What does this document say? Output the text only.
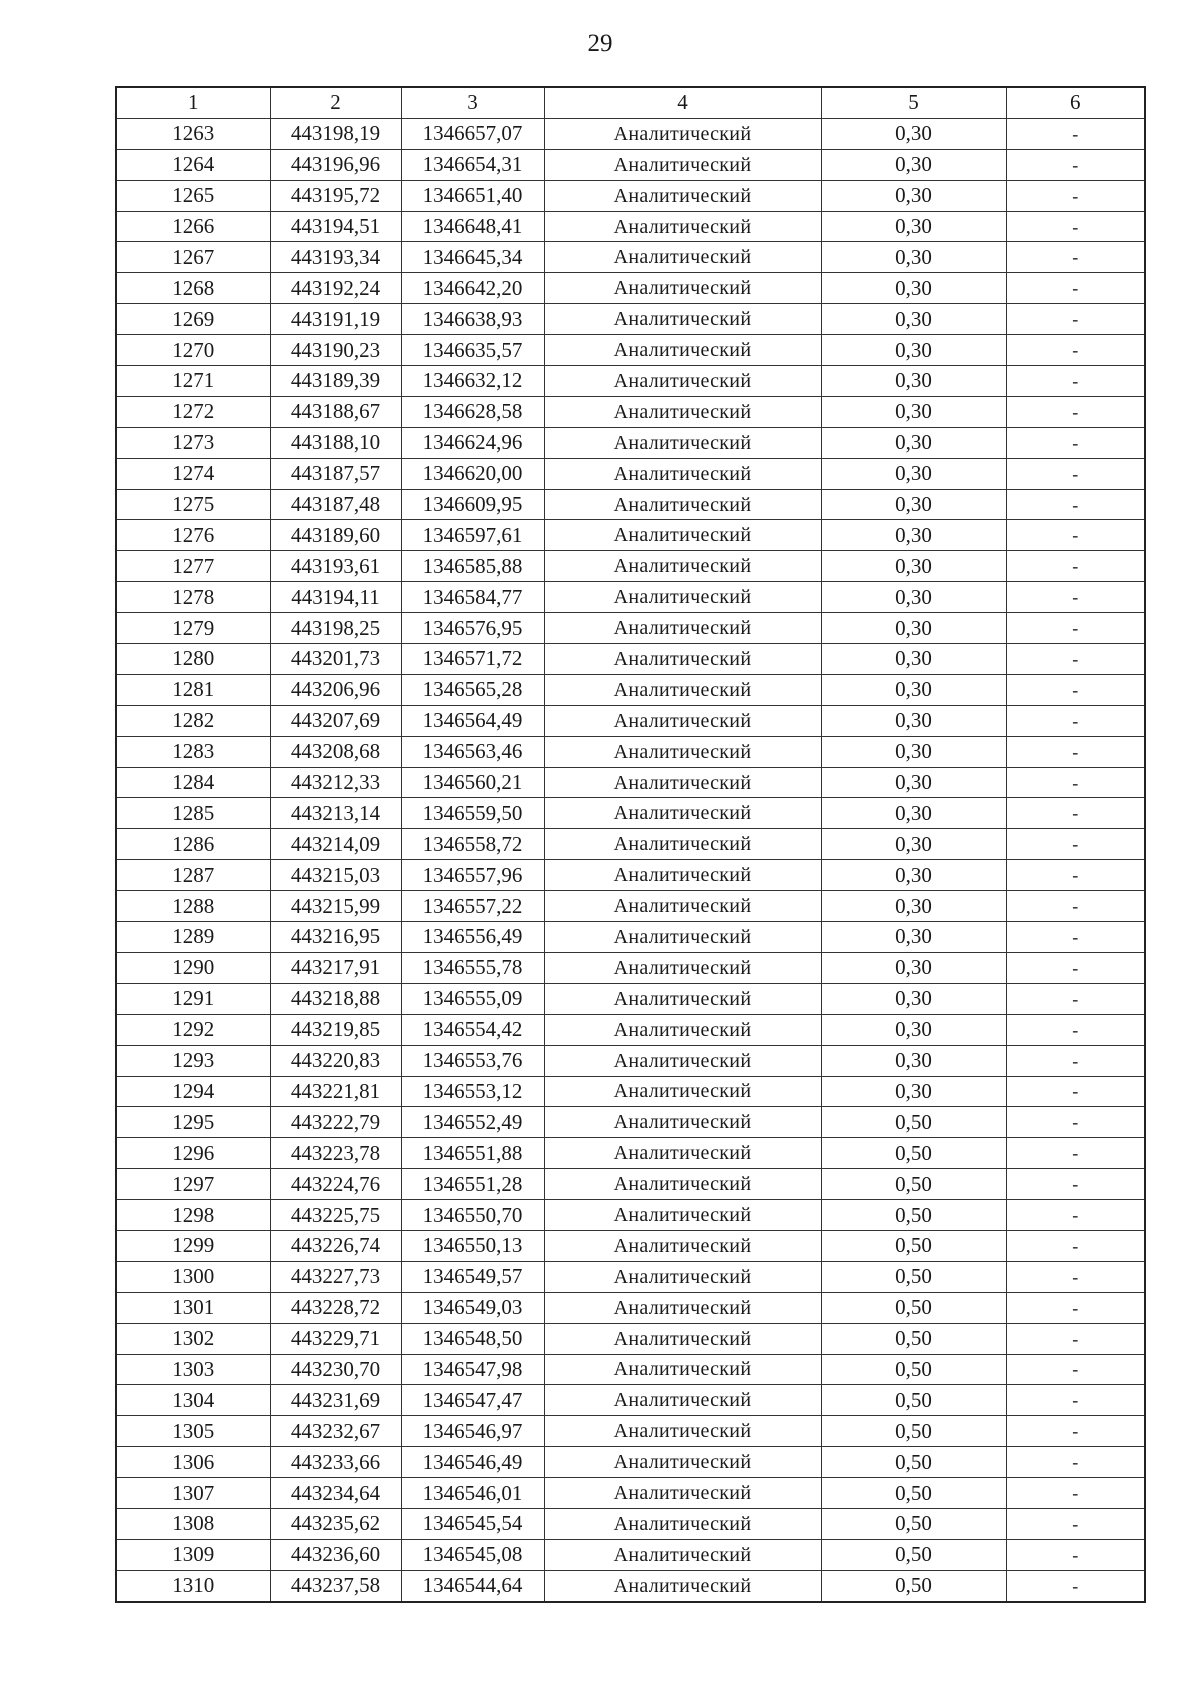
29
1	2	3	4	5	6
1263	443198,19	1346657,07	Аналитический	0,30	-
1264	443196,96	1346654,31	Аналитический	0,30	-
1265	443195,72	1346651,40	Аналитический	0,30	-
1266	443194,51	1346648,41	Аналитический	0,30	-
1267	443193,34	1346645,34	Аналитический	0,30	-
1268	443192,24	1346642,20	Аналитический	0,30	-
1269	443191,19	1346638,93	Аналитический	0,30	-
1270	443190,23	1346635,57	Аналитический	0,30	-
1271	443189,39	1346632,12	Аналитический	0,30	-
1272	443188,67	1346628,58	Аналитический	0,30	-
1273	443188,10	1346624,96	Аналитический	0,30	-
1274	443187,57	1346620,00	Аналитический	0,30	-
1275	443187,48	1346609,95	Аналитический	0,30	-
1276	443189,60	1346597,61	Аналитический	0,30	-
1277	443193,61	1346585,88	Аналитический	0,30	-
1278	443194,11	1346584,77	Аналитический	0,30	-
1279	443198,25	1346576,95	Аналитический	0,30	-
1280	443201,73	1346571,72	Аналитический	0,30	-
1281	443206,96	1346565,28	Аналитический	0,30	-
1282	443207,69	1346564,49	Аналитический	0,30	-
1283	443208,68	1346563,46	Аналитический	0,30	-
1284	443212,33	1346560,21	Аналитический	0,30	-
1285	443213,14	1346559,50	Аналитический	0,30	-
1286	443214,09	1346558,72	Аналитический	0,30	-
1287	443215,03	1346557,96	Аналитический	0,30	-
1288	443215,99	1346557,22	Аналитический	0,30	-
1289	443216,95	1346556,49	Аналитический	0,30	-
1290	443217,91	1346555,78	Аналитический	0,30	-
1291	443218,88	1346555,09	Аналитический	0,30	-
1292	443219,85	1346554,42	Аналитический	0,30	-
1293	443220,83	1346553,76	Аналитический	0,30	-
1294	443221,81	1346553,12	Аналитический	0,30	-
1295	443222,79	1346552,49	Аналитический	0,50	-
1296	443223,78	1346551,88	Аналитический	0,50	-
1297	443224,76	1346551,28	Аналитический	0,50	-
1298	443225,75	1346550,70	Аналитический	0,50	-
1299	443226,74	1346550,13	Аналитический	0,50	-
1300	443227,73	1346549,57	Аналитический	0,50	-
1301	443228,72	1346549,03	Аналитический	0,50	-
1302	443229,71	1346548,50	Аналитический	0,50	-
1303	443230,70	1346547,98	Аналитический	0,50	-
1304	443231,69	1346547,47	Аналитический	0,50	-
1305	443232,67	1346546,97	Аналитический	0,50	-
1306	443233,66	1346546,49	Аналитический	0,50	-
1307	443234,64	1346546,01	Аналитический	0,50	-
1308	443235,62	1346545,54	Аналитический	0,50	-
1309	443236,60	1346545,08	Аналитический	0,50	-
1310	443237,58	1346544,64	Аналитический	0,50	-
